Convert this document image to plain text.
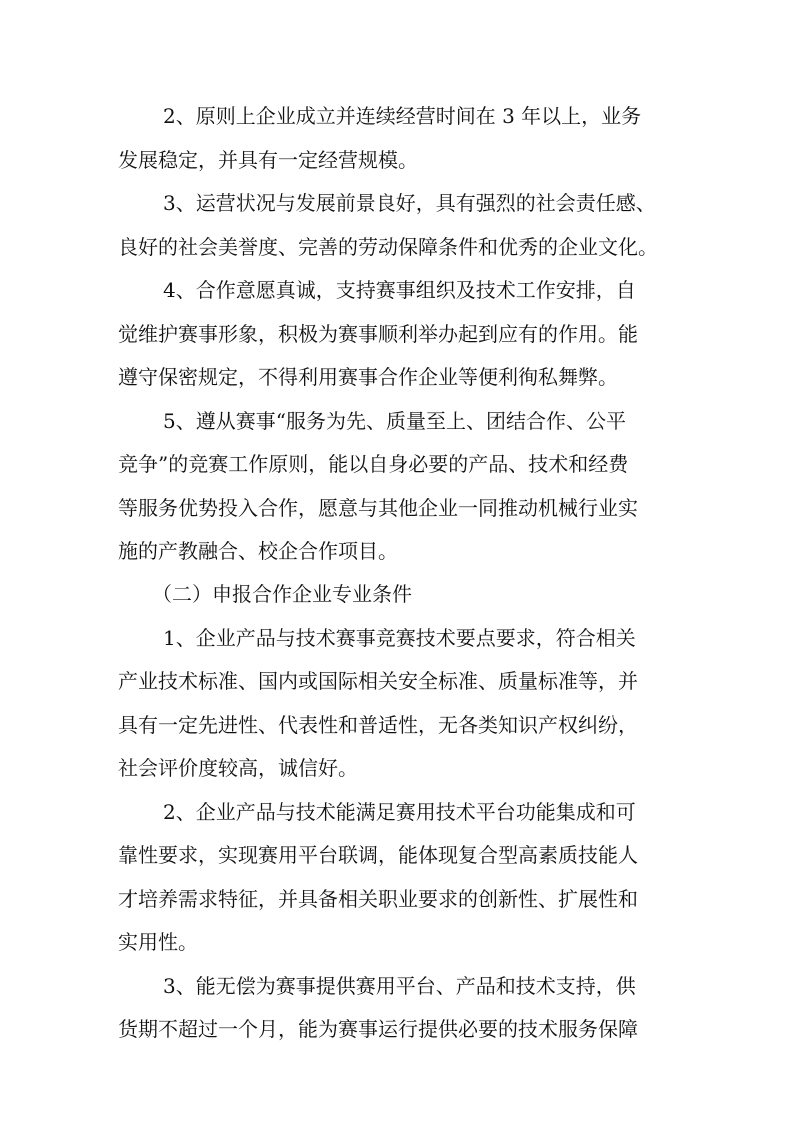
2、原则上企业成立并连续经营时间在 3 年以上，业务
发展稳定，并具有一定经营规模。
3、运营状况与发展前景良好，具有强烈的社会责任感、
良好的社会美誉度、完善的劳动保障条件和优秀的企业文化。
4、合作意愿真诚，支持赛事组织及技术工作安排，自
觉维护赛事形象，积极为赛事顺利举办起到应有的作用。能
遵守保密规定，不得利用赛事合作企业等便利徇私舞弊。
5、遵从赛事“服务为先、质量至上、团结合作、公平
竞争”的竞赛工作原则，能以自身必要的产品、技术和经费
等服务优势投入合作，愿意与其他企业一同推动机械行业实
施的产教融合、校企合作项目。
（二）申报合作企业专业条件
1、企业产品与技术赛事竞赛技术要点要求，符合相关
产业技术标准、国内或国际相关安全标准、质量标准等，并
具有一定先进性、代表性和普适性，无各类知识产权纠纷，
社会评价度较高，诚信好。
2、企业产品与技术能满足赛用技术平台功能集成和可
靠性要求，实现赛用平台联调，能体现复合型高素质技能人
才培养需求特征，并具备相关职业要求的创新性、扩展性和
实用性。
3、能无偿为赛事提供赛用平台、产品和技术支持，供
货期不超过一个月，能为赛事运行提供必要的技术服务保障
